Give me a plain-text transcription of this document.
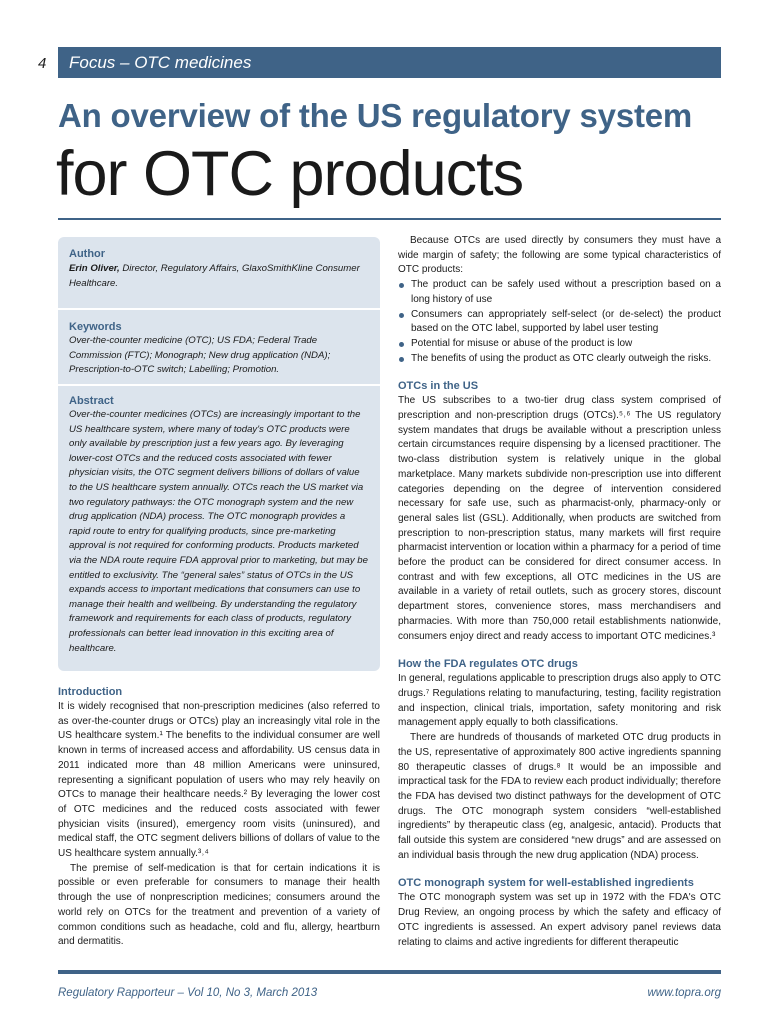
4	Focus – OTC medicines
An overview of the US regulatory system
for OTC products
Author
Erin Oliver, Director, Regulatory Affairs, GlaxoSmithKline Consumer Healthcare.
Keywords
Over-the-counter medicine (OTC); US FDA; Federal Trade Commission (FTC); Monograph; New drug application (NDA); Prescription-to-OTC switch; Labelling; Promotion.
Abstract
Over-the-counter medicines (OTCs) are increasingly important to the US healthcare system, where many of today's OTC products were only available by prescription just a few years ago. By leveraging lower-cost OTCs and the reduced costs associated with fewer physician visits, the OTC segment delivers billions of dollars of value to the US healthcare system annually. OTCs reach the US market via two regulatory pathways: the OTC monograph system and the new drug application (NDA) process. The OTC monograph provides a rapid route to entry for qualifying products, since pre-marketing approval is not required for conforming products. Products marketed via the NDA route require FDA approval prior to marketing, but may be entitled to exclusivity. The “general sales” status of OTCs in the US expands access to important medications that consumers can use to manage their health and wellbeing. By understanding the regulatory framework and requirements for each class of products, regulatory professionals can better lead innovation in this exciting area of healthcare.
Introduction

It is widely recognised that non-prescription medicines (also referred to as over-the-counter drugs or OTCs) play an increasingly vital role in the US healthcare system.¹ The benefits to the individual consumer are well known in terms of increased access and affordability. US census data in 2011 indicated more than 48 million Americans were uninsured, representing a significant population of users who may rely heavily on OTCs to manage their healthcare needs.² By leveraging the lower cost of OTC medicines and the reduced costs associated with fewer physician visits (insured), emergency room visits (uninsured), and medical staff, the OTC segment delivers billions of dollars of value to the US healthcare system annually.³˒⁴

The premise of self-medication is that for certain indications it is possible or even preferable for consumers to manage their health through the use of nonprescription medicines; consumers around the world rely on OTCs for the treatment and prevention of a variety of common conditions such as headache, cold and flu, allergy, heartburn and dermatitis.

Because OTCs are used directly by consumers they must have a wide margin of safety; the following are some typical characteristics of OTC products:

The product can be safely used without a prescription based on a long history of use
Consumers can appropriately self-select (or de-select) the product based on the OTC label, supported by label user testing
Potential for misuse or abuse of the product is low
The benefits of using the product as OTC clearly outweigh the risks.
OTCs in the US

The US subscribes to a two-tier drug class system comprised of prescription and non-prescription drugs (OTCs).⁵˒⁶ The US regulatory system mandates that drugs be available without a prescription unless certain circumstances require dispensing by a licensed practitioner. The two-class distribution system is relatively unique in the global marketplace. Many markets subdivide non-prescription use into different categories depending on the degree of intervention considered necessary for safe use, such as pharmacist-only, pharmacy-only or general sales list (GSL). Additionally, when products are switched from prescription to non-prescription status, many markets will first require pharmacist intervention or location within a pharmacy for a period of time before the product can be considered for direct consumer access. In contrast and with few exceptions, all OTC medicines in the US are available in a variety of retail outlets, such as grocery stores, discount department stores, convenience stores, mass merchandisers and pharmacies. With more than 750,000 retail establishments nationwide, consumers enjoy direct and ready access to important OTC medicines.³

How the FDA regulates OTC drugs

In general, regulations applicable to prescription drugs also apply to OTC drugs.⁷ Regulations relating to manufacturing, testing, facility registration and inspection, clinical trials, importation, safety monitoring and risk management apply equally to both classifications.

There are hundreds of thousands of marketed OTC drug products in the US, representative of approximately 800 active ingredients spanning 80 therapeutic classes of drugs.⁸ It would be an impossible and impractical task for the FDA to review each product individually; therefore the FDA has devised two distinct pathways for the development of OTC drugs. The OTC monograph system considers “well-established ingredients” by therapeutic class (eg, analgesic, antacid). Products that fall outside this system are considered “new drugs” and are assessed on an individual basis through the new drug application (NDA) process.

OTC monograph system for well-established ingredients

The OTC monograph system was set up in 1972 with the FDA's OTC Drug Review, an ongoing process by which the safety and efficacy of OTC ingredients is assessed. An expert advisory panel reviews data relating to claims and active ingredients for different therapeutic

Regulatory Rapporteur – Vol 10, No 3, March 2013	www.topra.org
